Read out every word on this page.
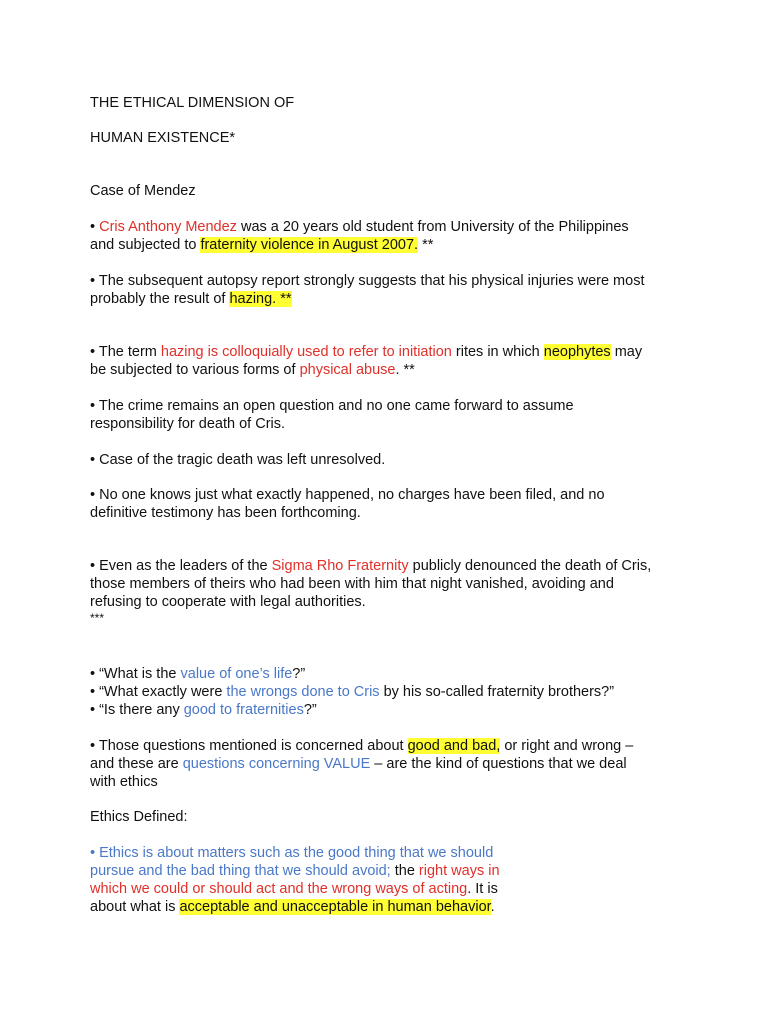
THE ETHICAL DIMENSION OF
HUMAN EXISTENCE*
Case of Mendez
• Cris Anthony Mendez was a 20 years old student from University of the Philippines
and subjected to fraternity violence in August 2007. **
• The subsequent autopsy report strongly suggests that his physical injuries were most
probably the result of hazing. **
• The term hazing is colloquially used to refer to initiation rites in which neophytes may
be subjected to various forms of physical abuse. **
• The crime remains an open question and no one came forward to assume
responsibility for death of Cris.
• Case of the tragic death was left unresolved.
• No one knows just what exactly happened, no charges have been filed, and no
definitive testimony has been forthcoming.
• Even as the leaders of the Sigma Rho Fraternity publicly denounced the death of Cris,
those members of theirs who had been with him that night vanished, avoiding and
refusing to cooperate with legal authorities.
***
• “What is the value of one’s life?”
• “What exactly were the wrongs done to Cris by his so-called fraternity brothers?”
• “Is there any good to fraternities?”
• Those questions mentioned is concerned about good and bad, or right and wrong –
and these are questions concerning VALUE – are the kind of questions that we deal
with ethics
Ethics Defined:
• Ethics is about matters such as the good thing that we should
pursue and the bad thing that we should avoid; the right ways in
which we could or should act and the wrong ways of acting. It is
about what is acceptable and unacceptable in human behavior.
